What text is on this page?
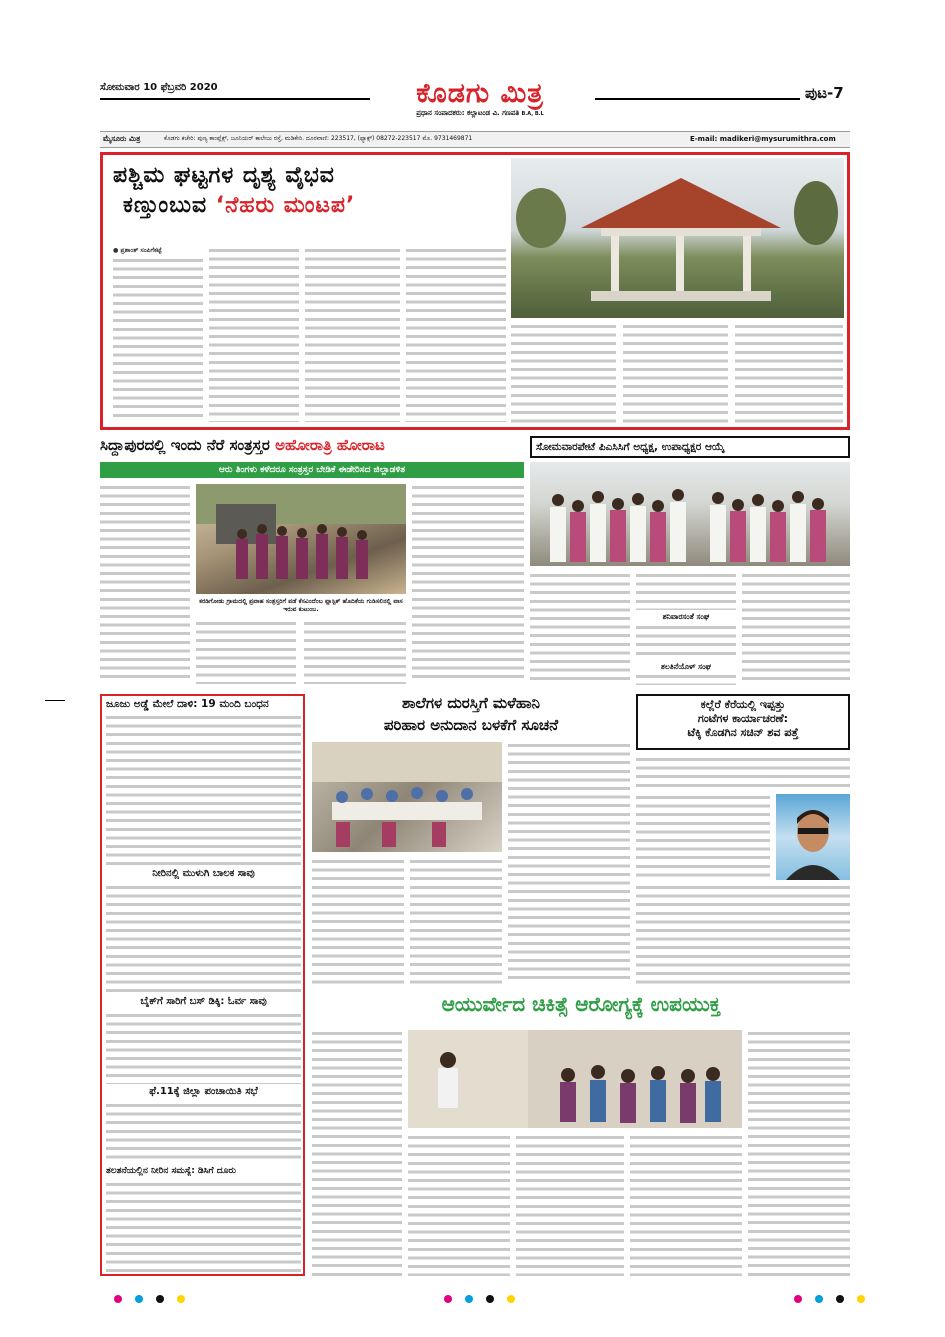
ಸೋಮವಾರ 10 ಫೆಬ್ರವರಿ 2020	ಕೊಡಗು ಮಿತ್ರ
ಪ್ರಧಾನ ಸಂಪಾದಕರು: ಕಲ್ಲಾಟಂಡ ವಿ. ಗಣಪತಿ B.A, B.L
ಪುಟ-7
ಮೈಸೂರು ಮಿತ್ರ	ಕೊಡಗು ಕಚೇರಿ: ಪುಣ್ಯ ಕಾಂಪ್ಲೆಕ್ಸ್, ಜೂನಿಯರ್ ಕಾಲೇಜು ರಸ್ತೆ, ಮಡಿಕೇರಿ. ದೂರವಾಣಿ: 223517, (ಫ್ಯಾಕ್ಸ್) 08272-223517 ಮೊ. 9731469871	E-mail: madikeri@mysurumithra.com
ಪಶ್ಚಿಮ ಘಟ್ಟಗಳ ದೃಶ್ಯ ವೈಭವ
ಕಣ್ತುಂಬುವ ‘ನೆಹರು ಮಂಟಪ’
● ಪ್ರಶಾಂತ್ ಸಂಪಿಗೆಕಟ್ಟೆ
ಸಿದ್ದಾಪುರದಲ್ಲಿ ಇಂದು ನೆರೆ ಸಂತ್ರಸ್ತರ ಅಹೋರಾತ್ರಿ ಹೋರಾಟ
ಆರು ತಿಂಗಳು ಕಳೆದರೂ ಸಂತ್ರಸ್ತರ ಬೇಡಿಕೆ ಈಡೇರಿಸದ ಜಿಲ್ಲಾಡಳಿತ
ಕರಡಿಗೋಡು ಗ್ರಾಮದಲ್ಲಿ ಪ್ರವಾಹ ಸಂತ್ರಸ್ತರಿಗೆ ಪಡೆ ಕೆಸವಿಂದೆಂಬ ಪ್ಲಾಸ್ಟಿಕ್ ಹೊದಿಕೆಯ ಗುಡಿಸಲಿನಲ್ಲಿ ವಾಸ ಇರುವ ಕುಟುಂಬ.
ಸೋಮವಾರಪೇಟೆ ಪಿಎಸಿಸಿಗೆ ಅಧ್ಯಕ್ಷ, ಉಪಾಧ್ಯಕ್ಷರ ಆಯ್ಕೆ
ಶನಿವಾರಸಂತೆ ಸಂಘ
ತಲತಿನೆಯೊಳ್ ಸಂಘ
ಜೂಜು ಅಡ್ಡೆ ಮೇಲೆ ದಾಳಿ: 19 ಮಂದಿ ಬಂಧನ
ನೀರಿನಲ್ಲಿ ಮುಳುಗಿ ಬಾಲಕ ಸಾವು
ಬೈಕ್‌ಗೆ ಸಾರಿಗೆ ಬಸ್ ಡಿಕ್ಕಿ: ಓರ್ವ ಸಾವು
ಫೆ.11ಕ್ಕೆ ಜಿಲ್ಲಾ ಪಂಚಾಯಿತಿ ಸಭೆ
ತಲತನೆಯಲ್ಲಿನ ನೀರಿನ ಸಮಸ್ಯೆ: ಡಿಸಿಗೆ ದೂರು
ಶಾಲೆಗಳ ದುರಸ್ತಿಗೆ ಮಳೆಹಾನಿ
ಪರಿಹಾರ ಅನುದಾನ ಬಳಕೆಗೆ ಸೂಚನೆ
ಕಲ್ಲೆರೆ ಕೆರೆಯಲ್ಲಿ ಇಪ್ಪತ್ತು
ಗಂಟೆಗಳ ಕಾರ್ಯಾಚರಣೆ:
ಟೆಕ್ಕಿ ಕೊಡಗಿನ ಸಚಿನ್ ಶವ ಪತ್ತೆ
ಆಯುರ್ವೇದ ಚಿಕಿತ್ಸೆ ಆರೋಗ್ಯಕ್ಕೆ ಉಪಯುಕ್ತ
